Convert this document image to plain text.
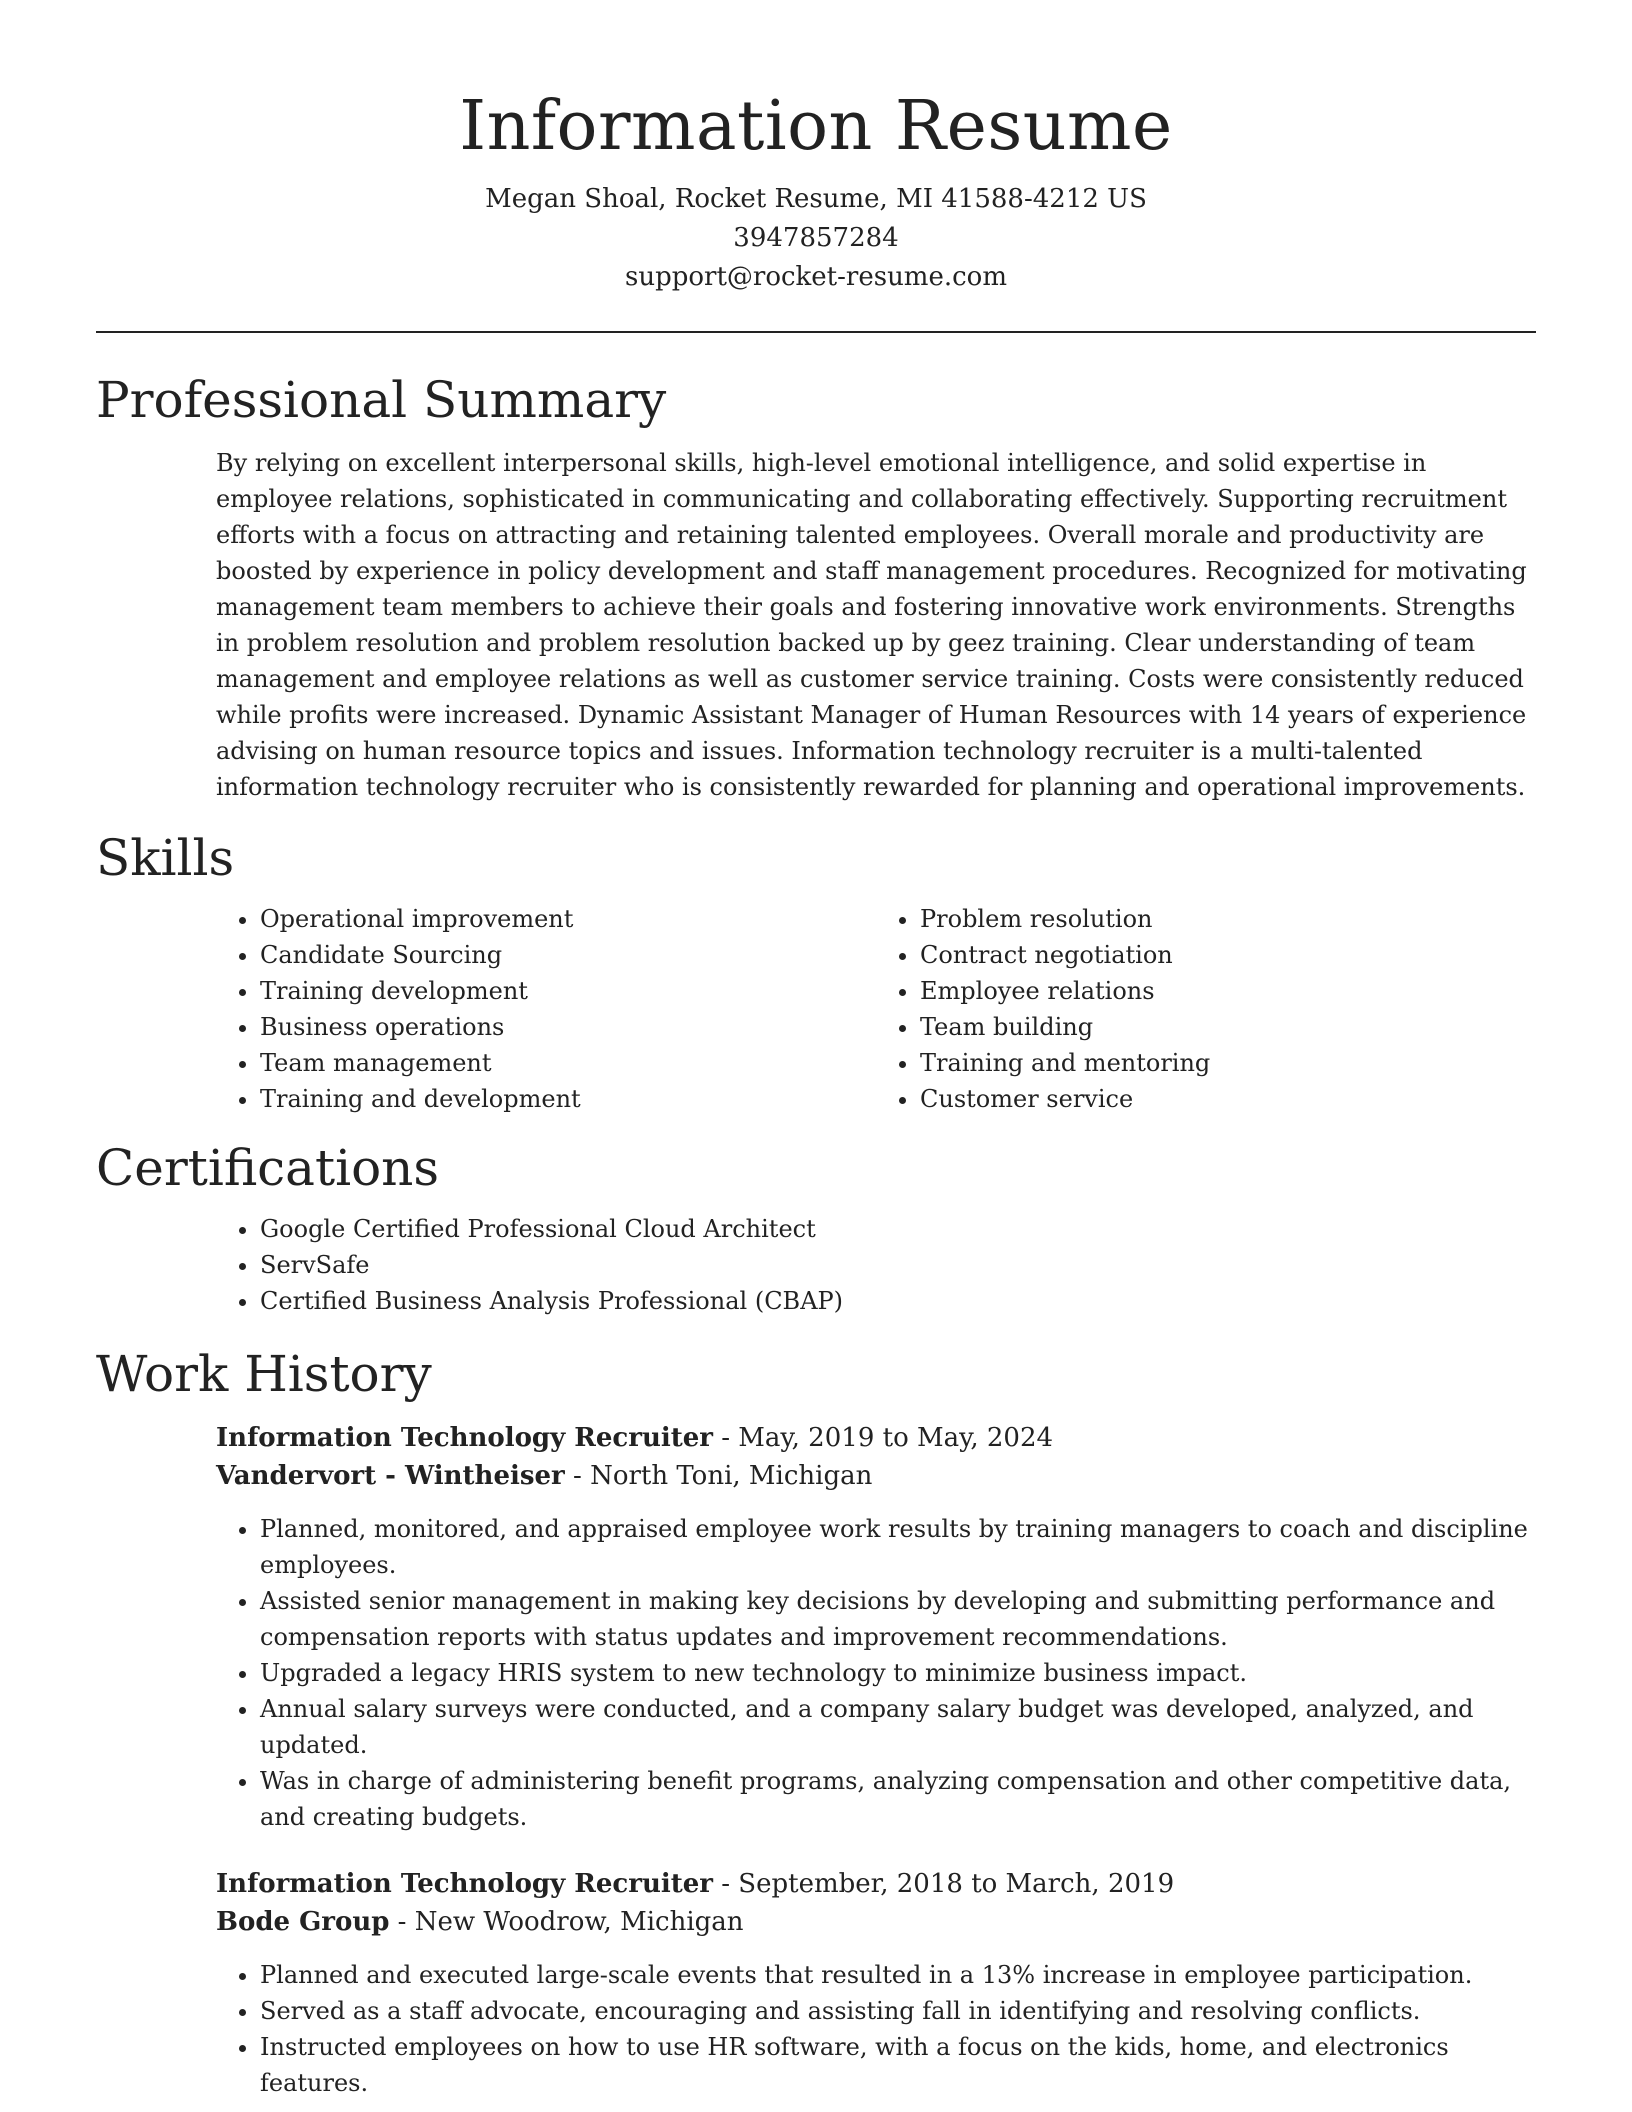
Information Resume

Megan Shoal, Rocket Resume, MI 41588-4212 US

3947857284

support@rocket-resume.com

Professional Summary

By relying on excellent interpersonal skills, high-level emotional intelligence, and solid expertise in employee relations, sophisticated in communicating and collaborating effectively. Supporting recruitment efforts with a focus on attracting and retaining talented employees. Overall morale and productivity are boosted by experience in policy development and staff management procedures. Recognized for motivating management team members to achieve their goals and fostering innovative work environments. Strengths in problem resolution and problem resolution backed up by geez training. Clear understanding of team management and employee relations as well as customer service training. Costs were consistently reduced while profits were increased. Dynamic Assistant Manager of Human Resources with 14 years of experience advising on human resource topics and issues. Information technology recruiter is a multi-talented information technology recruiter who is consistently rewarded for planning and operational improvements.

Skills
• Operational improvement
• Candidate Sourcing
• Training development
• Business operations
• Team management
• Training and development
• Problem resolution
• Contract negotiation
• Employee relations
• Team building
• Training and mentoring
• Customer service
Certifications
• Google Certified Professional Cloud Architect
• ServSafe
• Certified Business Analysis Professional (CBAP)
Work History

Information Technology Recruiter - May, 2019 to May, 2024

Vandervort - Wintheiser - North Toni, Michigan

• Planned, monitored, and appraised employee work results by training managers to coach and discipline employees.
• Assisted senior management in making key decisions by developing and submitting performance and compensation reports with status updates and improvement recommendations.
• Upgraded a legacy HRIS system to new technology to minimize business impact.
• Annual salary surveys were conducted, and a company salary budget was developed, analyzed, and updated.
• Was in charge of administering benefit programs, analyzing compensation and other competitive data, and creating budgets.

Information Technology Recruiter - September, 2018 to March, 2019

Bode Group - New Woodrow, Michigan

• Planned and executed large-scale events that resulted in a 13% increase in employee participation.
• Served as a staff advocate, encouraging and assisting fall in identifying and resolving conflicts.
• Instructed employees on how to use HR software, with a focus on the kids, home, and electronics features.
